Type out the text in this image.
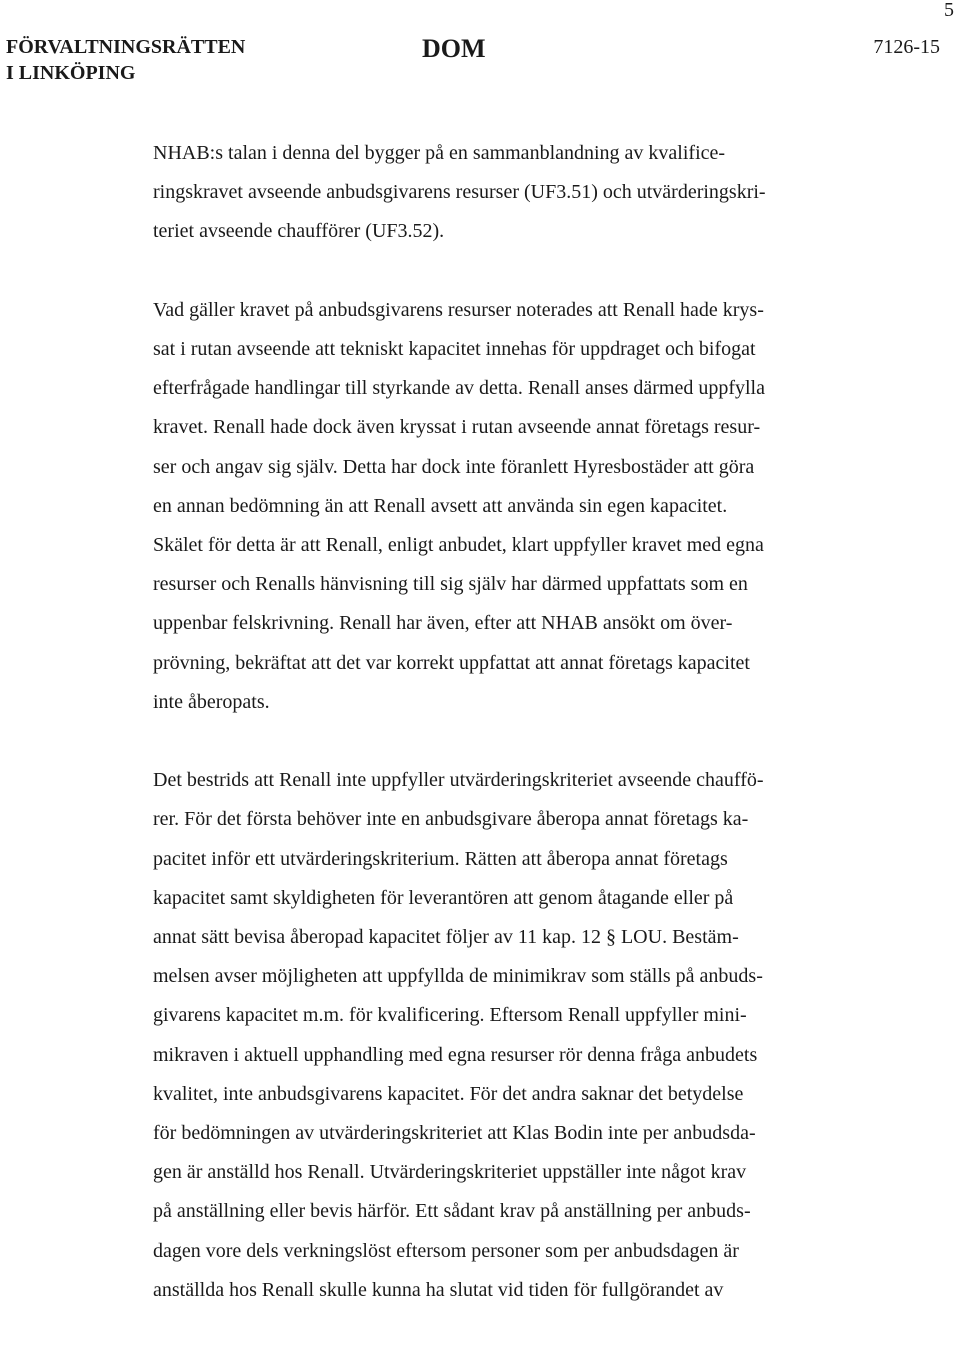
5
FÖRVALTNINGSRÄTTEN
I LINKÖPING
DOM	7126-15
NHAB:s talan i denna del bygger på en sammanblandning av kvalifice-
ringskravet avseende anbudsgivarens resurser (UF3.51) och utvärderingskri-
teriet avseende chaufförer (UF3.52).
Vad gäller kravet på anbudsgivarens resurser noterades att Renall hade krys-
sat i rutan avseende att tekniskt kapacitet innehas för uppdraget och bifogat
efterfrågade handlingar till styrkande av detta. Renall anses därmed uppfylla
kravet. Renall hade dock även kryssat i rutan avseende annat företags resur-
ser och angav sig själv. Detta har dock inte föranlett Hyresbostäder att göra
en annan bedömning än att Renall avsett att använda sin egen kapacitet.
Skälet för detta är att Renall, enligt anbudet, klart uppfyller kravet med egna
resurser och Renalls hänvisning till sig själv har därmed uppfattats som en
uppenbar felskrivning. Renall har även, efter att NHAB ansökt om över-
prövning, bekräftat att det var korrekt uppfattat att annat företags kapacitet
inte åberopats.
Det bestrids att Renall inte uppfyller utvärderingskriteriet avseende chauffö-
rer. För det första behöver inte en anbudsgivare åberopa annat företags ka-
pacitet inför ett utvärderingskriterium. Rätten att åberopa annat företags
kapacitet samt skyldigheten för leverantören att genom åtagande eller på
annat sätt bevisa åberopad kapacitet följer av 11 kap. 12 § LOU. Bestäm-
melsen avser möjligheten att uppfyllda de minimikrav som ställs på anbuds-
givarens kapacitet m.m. för kvalificering. Eftersom Renall uppfyller mini-
mikraven i aktuell upphandling med egna resurser rör denna fråga anbudets
kvalitet, inte anbudsgivarens kapacitet. För det andra saknar det betydelse
för bedömningen av utvärderingskriteriet att Klas Bodin inte per anbudsda-
gen är anställd hos Renall. Utvärderingskriteriet uppställer inte något krav
på anställning eller bevis härför. Ett sådant krav på anställning per anbuds-
dagen vore dels verkningslöst eftersom personer som per anbudsdagen är
anställda hos Renall skulle kunna ha slutat vid tiden för fullgörandet av
